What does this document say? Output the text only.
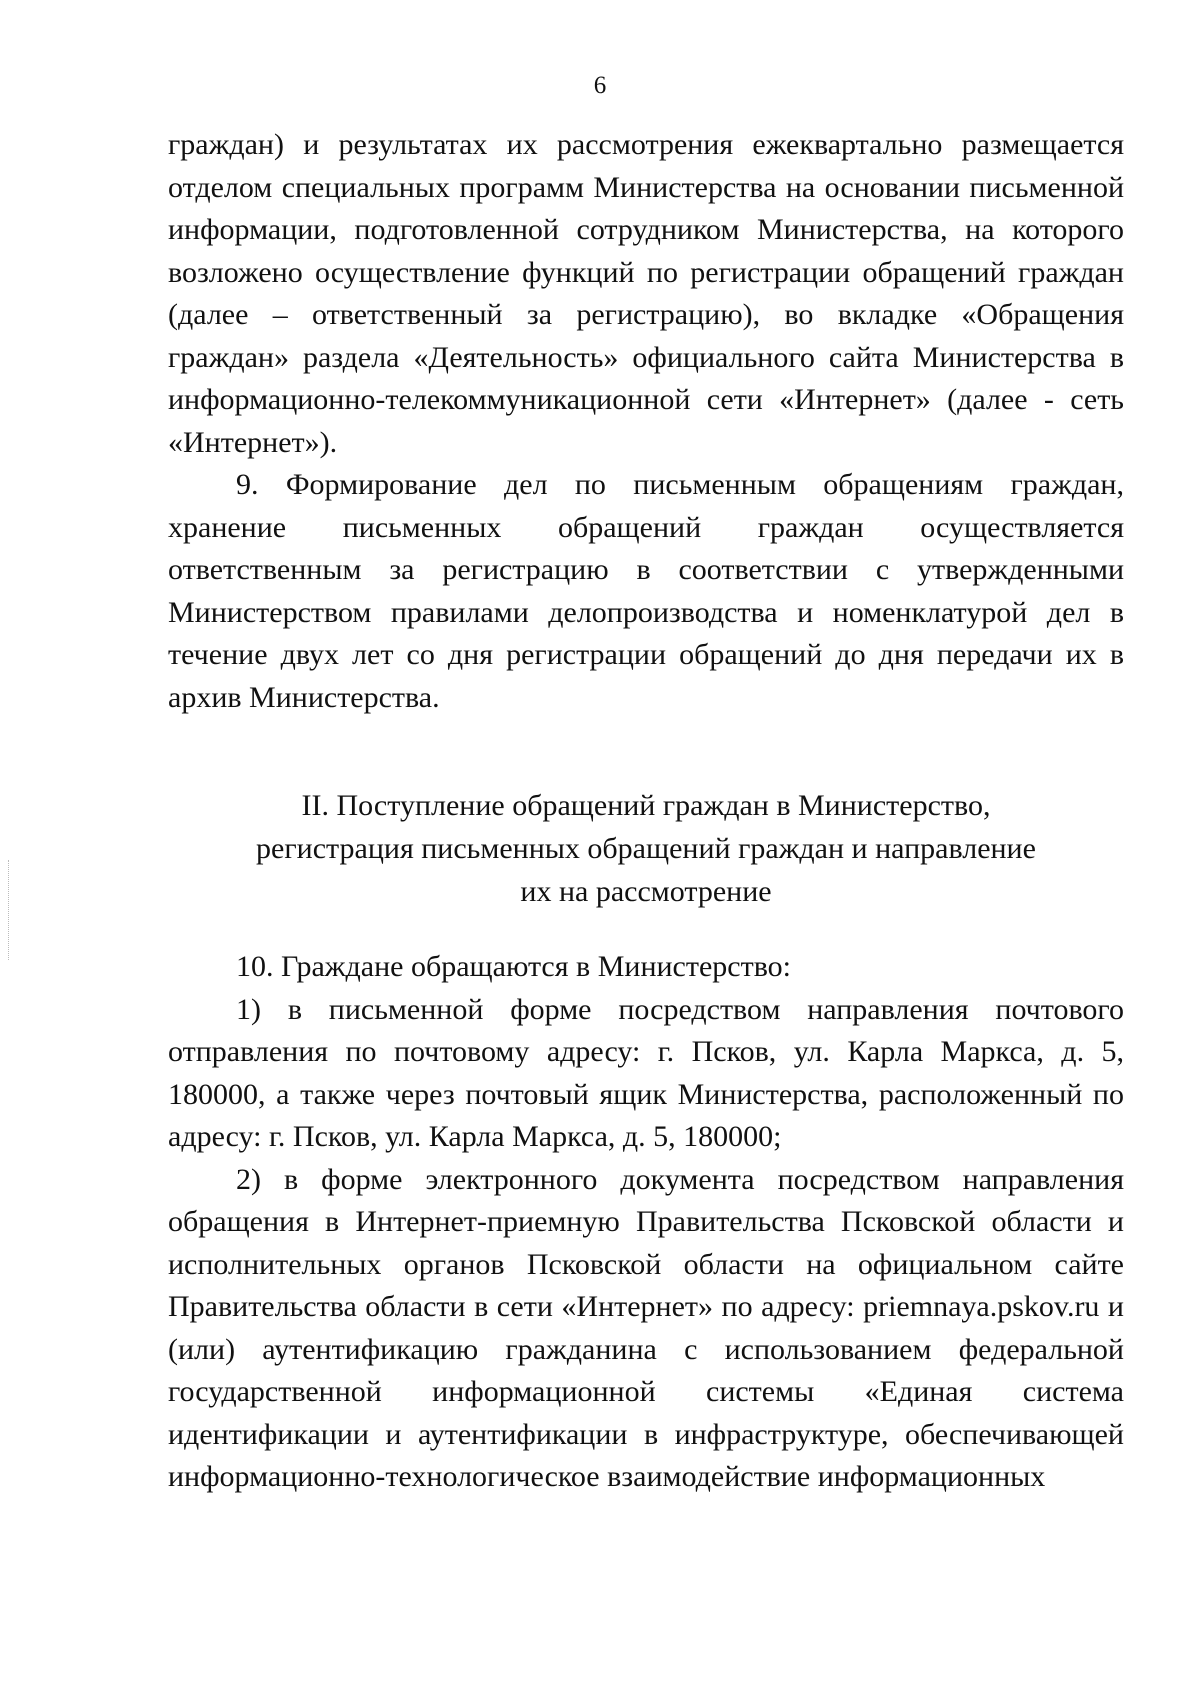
6

граждан) и результатах их рассмотрения ежеквартально размещается отделом специальных программ Министерства на основании письменной информации, подготовленной сотрудником Министерства, на которого возложено осуществление функций по регистрации обращений граждан (далее – ответственный за регистрацию), во вкладке «Обращения граждан» раздела «Деятельность» официального сайта Министерства в информационно-телекоммуникационной сети «Интернет» (далее - сеть «Интернет»).

9. Формирование дел по письменным обращениям граждан, хранение письменных обращений граждан осуществляется ответственным за регистрацию в соответствии с утвержденными Министерством правилами делопроизводства и номенклатурой дел в течение двух лет со дня регистрации обращений до дня передачи их в архив Министерства.

II. Поступление обращений граждан в Министерство,

регистрация письменных обращений граждан и направление

их на рассмотрение

10. Граждане обращаются в Министерство:

1) в письменной форме посредством направления почтового отправления по почтовому адресу: г. Псков, ул. Карла Маркса, д. 5, 180000, а также через почтовый ящик Министерства, расположенный по адресу: г. Псков, ул. Карла Маркса, д. 5, 180000;

2) в форме электронного документа посредством направления обращения в Интернет-приемную Правительства Псковской области и исполнительных органов Псковской области на официальном сайте Правительства области в сети «Интернет» по адресу: priemnaya.pskov.ru и (или) аутентификацию гражданина с использованием федеральной государственной информационной системы «Единая система идентификации и аутентификации в инфраструктуре, обеспечивающей информационно-технологическое взаимодействие информационных
